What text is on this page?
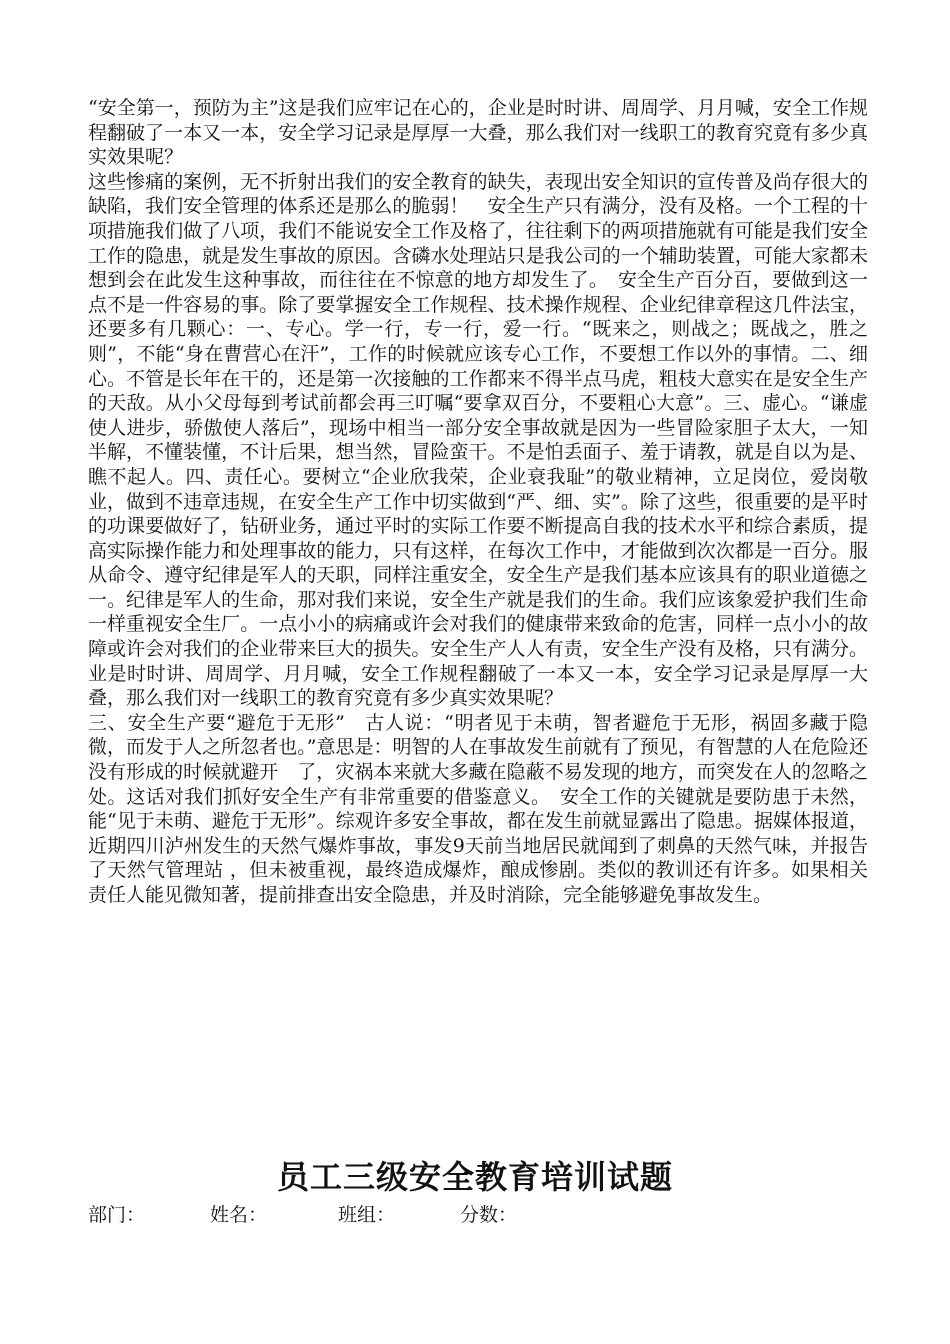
“安全第一，预防为主”这是我们应牢记在心的，企业是时时讲、周周学、月月喊，安全工作规程翻破了一本又一本，安全学习记录是厚厚一大叠，那么我们对一线职工的教育究竟有多少真实效果呢？

这些惨痛的案例，无不折射出我们的安全教育的缺失，表现出安全知识的宣传普及尚存很大的缺陷，我们安全管理的体系还是那么的脆弱！　安全生产只有满分，没有及格。一个工程的十项措施我们做了八项，我们不能说安全工作及格了，往往剩下的两项措施就有可能是我们安全工作的隐患，就是发生事故的原因。含磷水处理站只是我公司的一个辅助装置，可能大家都未想到会在此发生这种事故，而往往在不惊意的地方却发生了。　安全生产百分百，要做到这一点不是一件容易的事。除了要掌握安全工作规程、技术操作规程、企业纪律章程这几件法宝，还要多有几颗心：一、专心。学一行，专一行，爱一行。“既来之，则战之；既战之，胜之则”，不能“身在曹营心在汗”，工作的时候就应该专心工作，不要想工作以外的事情。二、细心。不管是长年在干的，还是第一次接触的工作都来不得半点马虎，粗枝大意实在是安全生产的天敌。从小父母每到考试前都会再三叮嘱“要拿双百分，不要粗心大意”。三、虚心。“谦虚使人进步，骄傲使人落后”，现场中相当一部分安全事故就是因为一些冒险家胆子太大，一知半解，不懂装懂，不计后果，想当然，冒险蛮干。不是怕丢面子、羞于请教，就是自以为是、瞧不起人。四、责任心。要树立“企业欣我荣，企业衰我耻”的敬业精神，立足岗位，爱岗敬业，做到不违章违规，在安全生产工作中切实做到“严、细、实”。除了这些，很重要的是平时的功课要做好了，钻研业务，通过平时的实际工作要不断提高自我的技术水平和综合素质，提高实际操作能力和处理事故的能力，只有这样，在每次工作中，才能做到次次都是一百分。服从命令、遵守纪律是军人的天职，同样注重安全，安全生产是我们基本应该具有的职业道德之一。纪律是军人的生命，那对我们来说，安全生产就是我们的生命。我们应该象爱护我们生命一样重视安全生厂。一点小小的病痛或许会对我们的健康带来致命的危害，同样一点小小的故障或许会对我们的企业带来巨大的损失。安全生产人人有责，安全生产没有及格，只有满分。业是时时讲、周周学、月月喊，安全工作规程翻破了一本又一本，安全学习记录是厚厚一大叠，那么我们对一线职工的教育究竟有多少真实效果呢？

三、安全生产要“避危于无形”　古人说：“明者见于未萌，智者避危于无形，祸固多藏于隐微，而发于人之所忽者也。”意思是：明智的人在事故发生前就有了预见，有智慧的人在危险还没有形成的时候就避开　了，灾祸本来就大多藏在隐蔽不易发现的地方，而突发在人的忽略之处。这话对我们抓好安全生产有非常重要的借鉴意义。　安全工作的关键就是要防患于未然，能“见于未萌、避危于无形”。综观许多安全事故，都在发生前就显露出了隐患。据媒体报道，近期四川泸州发生的天然气爆炸事故，事发9天前当地居民就闻到了刺鼻的天然气味，并报告了天然气管理站 ，但未被重视，最终造成爆炸，酿成惨剧。类似的教训还有许多。如果相关责任人能见微知著，提前排查出安全隐患，并及时消除，完全能够避免事故发生。

员工三级安全教育培训试题
部门：	姓名：	班组：	分数：
